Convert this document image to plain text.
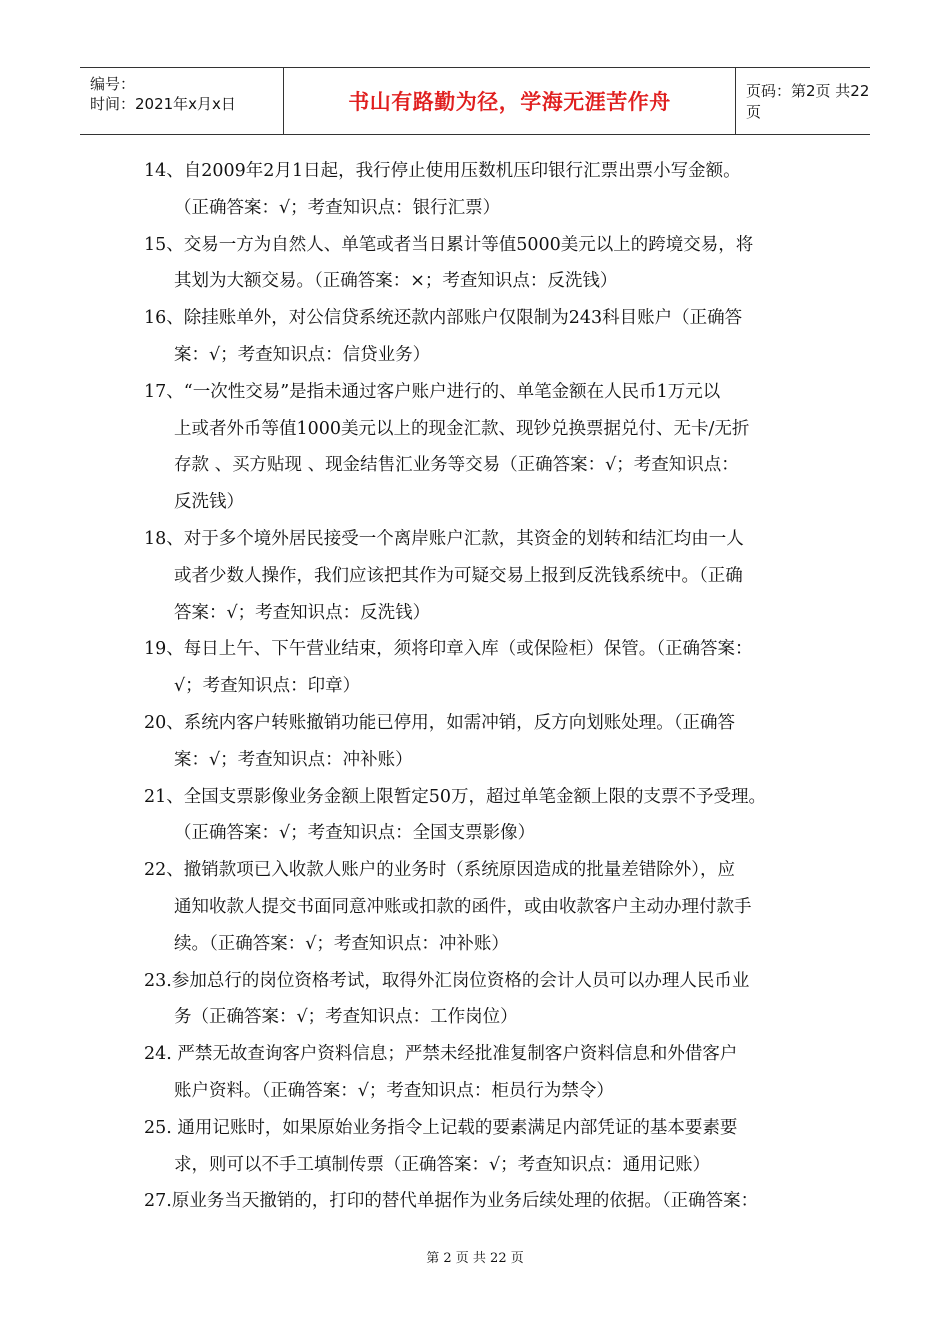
编号：
时间：2021年x月x日	书山有路勤为径，学海无涯苦作舟	页码：第2页 共22页

14、自2009年2月1日起，我行停止使用压数机压印银行汇票出票小写金额。

（正确答案：√；考查知识点：银行汇票）

15、交易一方为自然人、单笔或者当日累计等值5000美元以上的跨境交易，将

其划为大额交易。（正确答案：×；考查知识点：反洗钱）

16、除挂账单外，对公信贷系统还款内部账户仅限制为243科目账户（正确答

案：√；考查知识点：信贷业务）

17、“一次性交易”是指未通过客户账户进行的、单笔金额在人民币1万元以

上或者外币等值1000美元以上的现金汇款、现钞兑换票据兑付、无卡/无折

存款 、买方贴现 、现金结售汇业务等交易（正确答案：√；考查知识点：

反洗钱）

18、对于多个境外居民接受一个离岸账户汇款，其资金的划转和结汇均由一人

或者少数人操作，我们应该把其作为可疑交易上报到反洗钱系统中。（正确

答案：√；考查知识点：反洗钱）

19、每日上午、下午营业结束，须将印章入库（或保险柜）保管。（正确答案：

√；考查知识点：印章）

20、系统内客户转账撤销功能已停用，如需冲销，反方向划账处理。（正确答

案：√；考查知识点：冲补账）

21、全国支票影像业务金额上限暂定50万，超过单笔金额上限的支票不予受理。

（正确答案：√；考查知识点：全国支票影像）

22、撤销款项已入收款人账户的业务时（系统原因造成的批量差错除外），应

通知收款人提交书面同意冲账或扣款的函件，或由收款客户主动办理付款手

续。（正确答案：√；考查知识点：冲补账）

23.参加总行的岗位资格考试，取得外汇岗位资格的会计人员可以办理人民币业

务（正确答案：√；考查知识点：工作岗位）

24. 严禁无故查询客户资料信息；严禁未经批准复制客户资料信息和外借客户

账户资料。（正确答案：√；考查知识点：柜员行为禁令）

25. 通用记账时，如果原始业务指令上记载的要素满足内部凭证的基本要素要

求，则可以不手工填制传票（正确答案：√；考查知识点：通用记账）

27.原业务当天撤销的，打印的替代单据作为业务后续处理的依据。（正确答案：

第 2 页 共 22 页
